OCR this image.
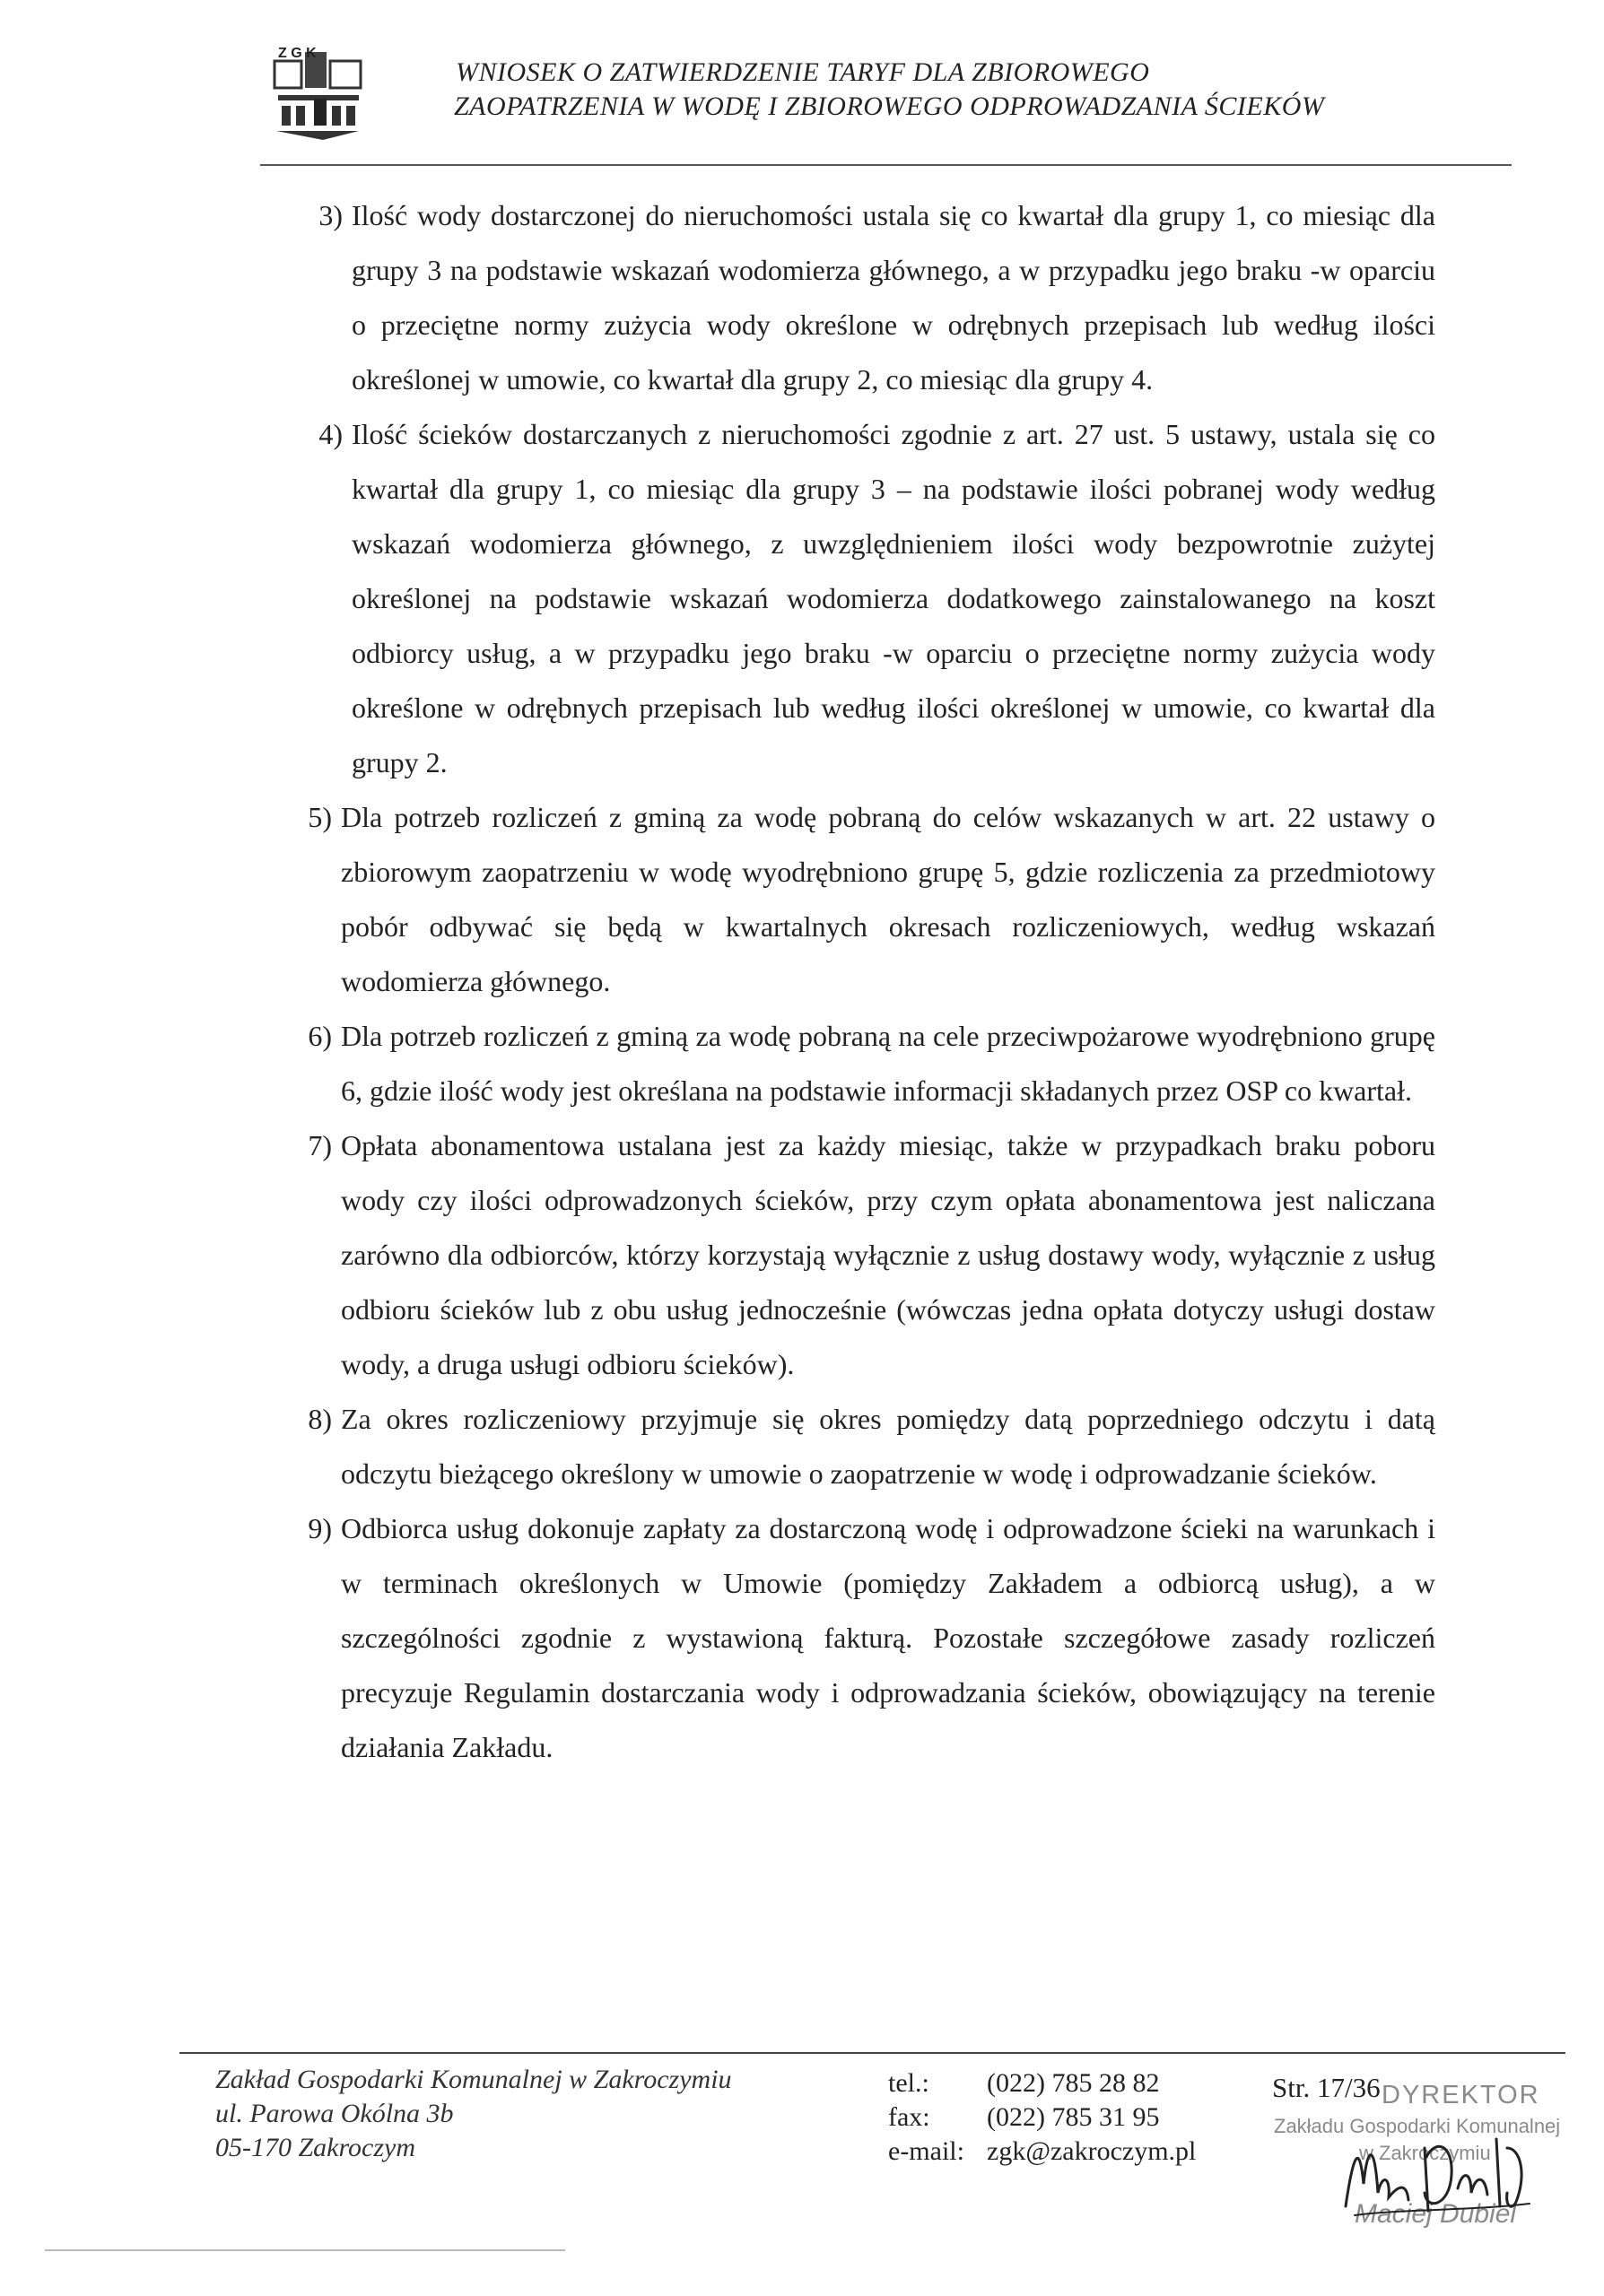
Z G K
WNIOSEK O ZATWIERDZENIE TARYF DLA ZBIOROWEGO
ZAOPATRZENIA W WODĘ I ZBIOROWEGO ODPROWADZANIA ŚCIEKÓW
3) Ilość wody dostarczonej do nieruchomości ustala się co kwartał dla grupy 1, co miesiąc dla grupy 3 na podstawie wskazań wodomierza głównego, a w przypadku jego braku -w oparciu o przeciętne normy zużycia wody określone w odrębnych przepisach lub według ilości określonej w umowie, co kwartał dla grupy 2, co miesiąc dla grupy 4.
4) Ilość ścieków dostarczanych z nieruchomości zgodnie z art. 27 ust. 5 ustawy, ustala się co kwartał dla grupy 1, co miesiąc dla grupy 3 – na podstawie ilości pobranej wody według wskazań wodomierza głównego, z uwzględnieniem ilości wody bezpowrotnie zużytej określonej na podstawie wskazań wodomierza dodatkowego zainstalowanego na koszt odbiorcy usług, a w przypadku jego braku -w oparciu o przeciętne normy zużycia wody określone w odrębnych przepisach lub według ilości określonej w umowie, co kwartał dla grupy 2.
5) Dla potrzeb rozliczeń z gminą za wodę pobraną do celów wskazanych w art. 22 ustawy o zbiorowym zaopatrzeniu w wodę wyodrębniono grupę 5, gdzie rozliczenia za przedmiotowy pobór odbywać się będą w kwartalnych okresach rozliczeniowych, według wskazań wodomierza głównego.
6) Dla potrzeb rozliczeń z gminą za wodę pobraną na cele przeciwpożarowe wyodrębniono grupę 6, gdzie ilość wody jest określana na podstawie informacji składanych przez OSP co kwartał.
7) Opłata abonamentowa ustalana jest za każdy miesiąc, także w przypadkach braku poboru wody czy ilości odprowadzonych ścieków, przy czym opłata abonamentowa jest naliczana zarówno dla odbiorców, którzy korzystają wyłącznie z usług dostawy wody, wyłącznie z usług odbioru ścieków lub z obu usług jednocześnie (wówczas jedna opłata dotyczy usługi dostaw wody, a druga usługi odbioru ścieków).
8) Za okres rozliczeniowy przyjmuje się okres pomiędzy datą poprzedniego odczytu i datą odczytu bieżącego określony w umowie o zaopatrzenie w wodę i odprowadzanie ścieków.
9) Odbiorca usług dokonuje zapłaty za dostarczoną wodę i odprowadzone ścieki na warunkach i w terminach określonych w Umowie (pomiędzy Zakładem a odbiorcą usług), a w szczególności zgodnie z wystawioną fakturą. Pozostałe szczegółowe zasady rozliczeń precyzuje Regulamin dostarczania wody i odprowadzania ścieków, obowiązujący na terenie działania Zakładu.
Zakład Gospodarki Komunalnej w Zakroczymiu
ul. Parowa Okólna 3b
05-170 Zakroczym
tel.: (022) 785 28 82
fax: (022) 785 31 95
e-mail: zgk@zakroczym.pl
Str. 17/36 DYREKTOR
Zakładu Gospodarki Komunalnej
w Zakroczymiu
Maciej Dubiel
